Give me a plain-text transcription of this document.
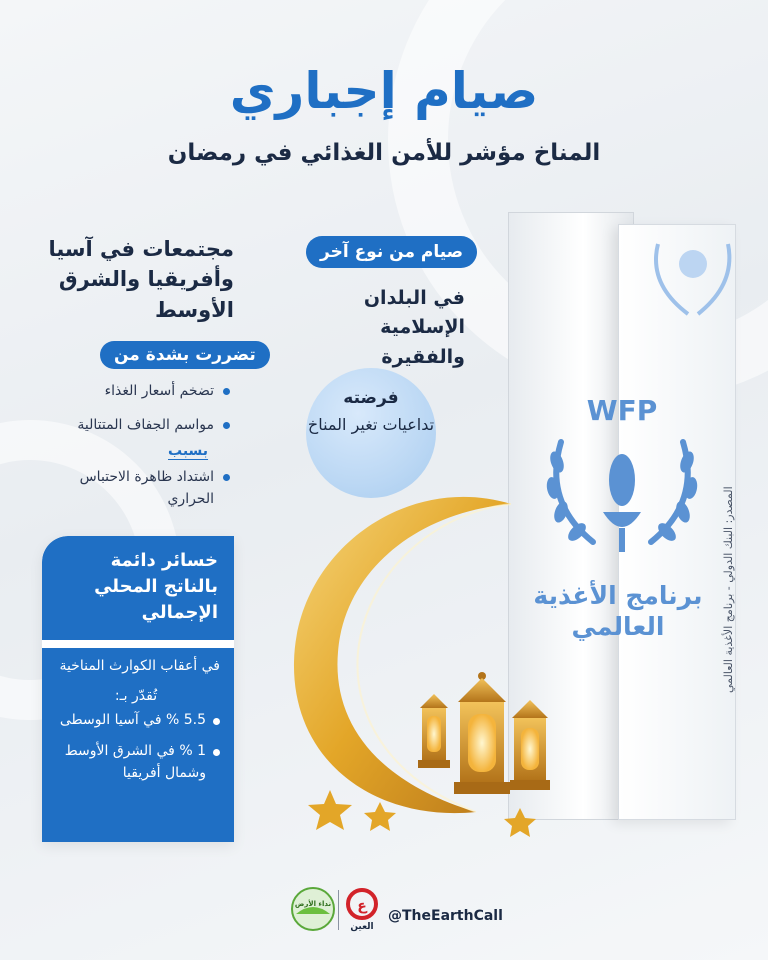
صيام إجباري
المناخ مؤشر للأمن الغذائي في رمضان
مجتمعات في آسيا وأفريقيا والشرق الأوسط
تضررت بشدة من
تضخم أسعار الغذاء
مواسم الجفاف المتتالية
بسبب
اشتداد ظاهرة الاحتباس الحراري
خسائر دائمة بالناتج المحلي الإجمالي
في أعقاب الكوارث المناخية
تُقدّر بـ:
5.5 % في آسيا الوسطى
1 % في الشرق الأوسط وشمال أفريقيا
صيام من نوع آخر
في البلدان الإسلامية والفقيرة
فرضته
تداعيات تغير المناخ	WFP
برنامج الأغذية
العالمي	المصدر: البنك الدولي - برنامج الأغذية العالمي
@TheEarthCall
ع
العين
نداء الأرض
